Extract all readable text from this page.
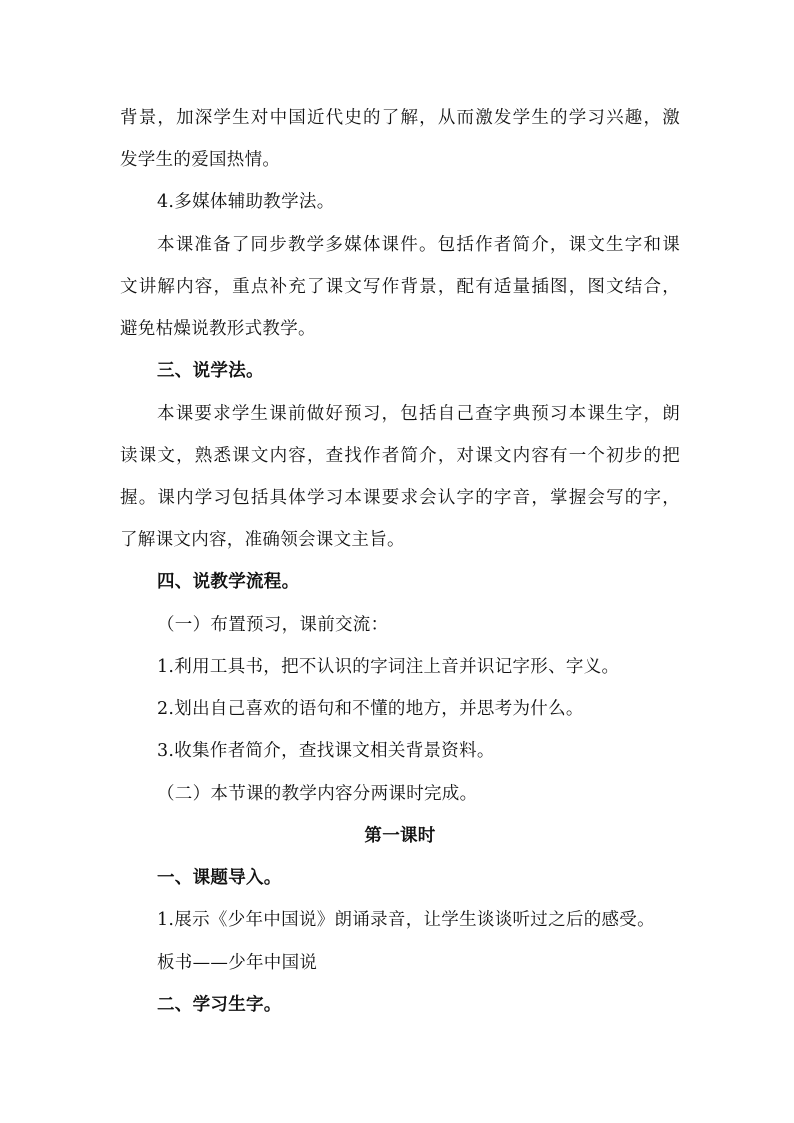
背景，加深学生对中国近代史的了解，从而激发学生的学习兴趣，激
发学生的爱国热情。
4.多媒体辅助教学法。
本课准备了同步教学多媒体课件。包括作者简介，课文生字和课
文讲解内容，重点补充了课文写作背景，配有适量插图，图文结合，
避免枯燥说教形式教学。
三、说学法。
本课要求学生课前做好预习，包括自己查字典预习本课生字，朗
读课文，熟悉课文内容，查找作者简介，对课文内容有一个初步的把
握。课内学习包括具体学习本课要求会认字的字音，掌握会写的字，
了解课文内容，准确领会课文主旨。
四、说教学流程。
（一）布置预习，课前交流：
1.利用工具书，把不认识的字词注上音并识记字形、字义。
2.划出自己喜欢的语句和不懂的地方，并思考为什么。
3.收集作者简介，查找课文相关背景资料。
（二）本节课的教学内容分两课时完成。
第一课时
一、课题导入。
1.展示《少年中国说》朗诵录音，让学生谈谈听过之后的感受。
板书——少年中国说
二、学习生字。
